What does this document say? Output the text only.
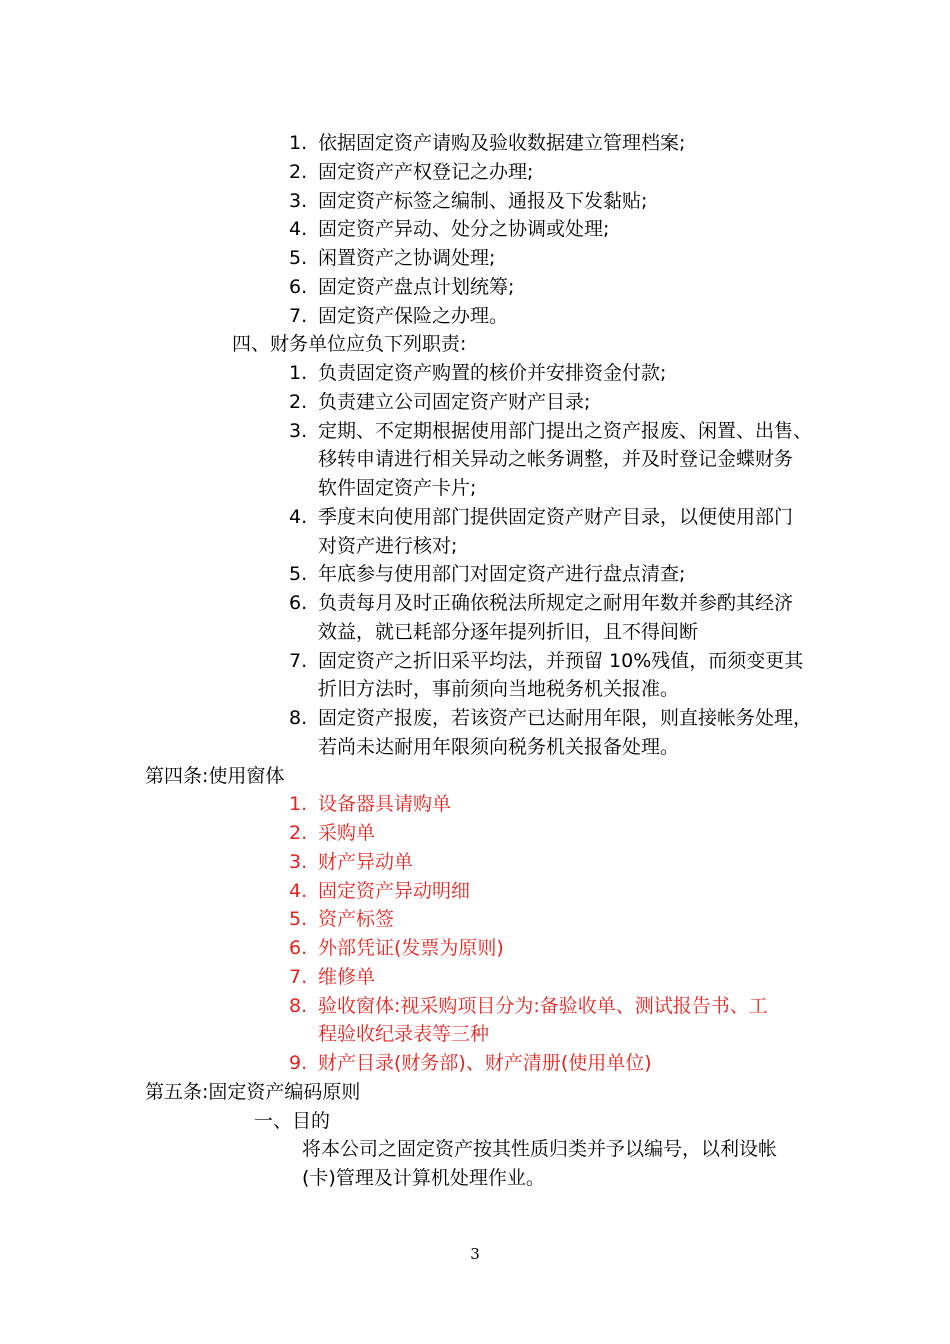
1. 依据固定资产请购及验收数据建立管理档案;
2. 固定资产产权登记之办理;
3. 固定资产标签之编制、通报及下发黏贴;
4. 固定资产异动、处分之协调或处理;
5. 闲置资产之协调处理;
6. 固定资产盘点计划统筹;
7. 固定资产保险之办理。
四、财务单位应负下列职责:
1. 负责固定资产购置的核价并安排资金付款;
2. 负责建立公司固定资产财产目录;
3. 定期、不定期根据使用部门提出之资产报废、闲置、出售、
移转申请进行相关异动之帐务调整，并及时登记金蝶财务
软件固定资产卡片;
4. 季度末向使用部门提供固定资产财产目录，以便使用部门
对资产进行核对;
5. 年底参与使用部门对固定资产进行盘点清查;
6. 负责每月及时正确依税法所规定之耐用年数并参酌其经济
效益，就已耗部分逐年提列折旧，且不得间断
7. 固定资产之折旧采平均法，并预留 10%残值，而须变更其
折旧方法时，事前须向当地税务机关报准。
8. 固定资产报废，若该资产已达耐用年限，则直接帐务处理，
若尚未达耐用年限须向税务机关报备处理。
第四条:使用窗体
1. 设备器具请购单
2. 采购单
3. 财产异动单
4. 固定资产异动明细
5. 资产标签
6. 外部凭证(发票为原则)
7. 维修单
8. 验收窗体:视采购项目分为:备验收单、测试报告书、工
程验收纪录表等三种
9. 财产目录(财务部)、财产清册(使用单位)
第五条:固定资产编码原则
一、目的
将本公司之固定资产按其性质归类并予以编号，以利设帐
(卡)管理及计算机处理作业。
3
